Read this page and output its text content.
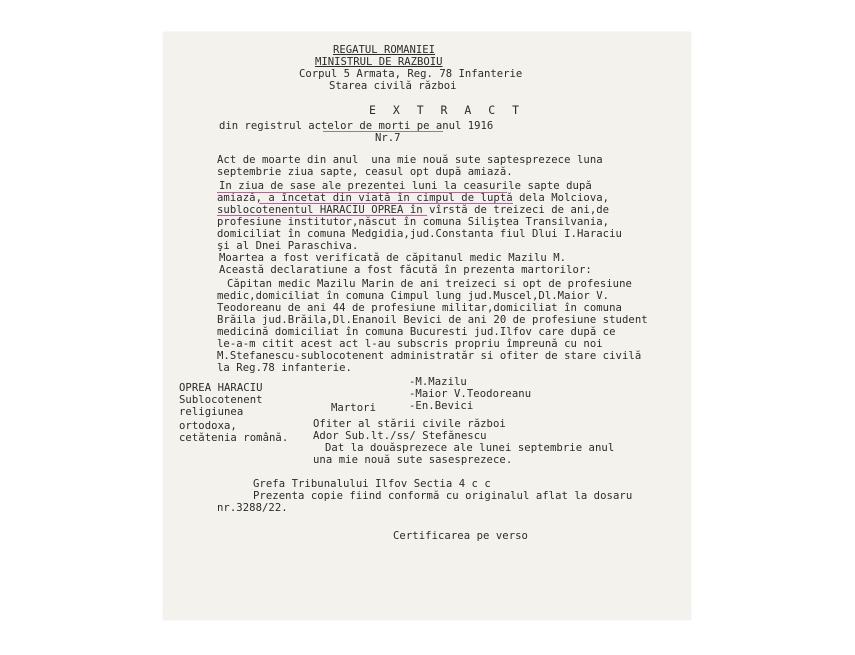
REGATUL ROMANIEI
MINISTRUL DE RAZBOIU
Corpul 5 Armata, Reg. 78 Infanterie
Starea civilă război
E X T R A C T
din registrul actelor de morti pe anul 1916
Nr.7
Act de moarte din anul  una mie nouă sute saptesprezece luna
septembrie ziua sapte, ceasul opt după amiază.
In ziua de sase ale prezentei luni la ceasurile sapte după
amiază, a încetat din viată în cimpul de luptă dela Molciova,
sublocotenentul HARACIU OPREA în vîrstă de treizeci de ani,de
profesiune institutor,născut în comuna Siliştea Transilvania,
domiciliat în comuna Medgidia,jud.Constanta fiul Dlui I.Haraciu
şi al Dnei Paraschiva.
Moartea a fost verificată de căpitanul medic Mazilu M.
Această declaratiune a fost făcută în prezenta martorilor:
Căpitan medic Mazilu Marin de ani treizeci si opt de profesiune
medic,domiciliat în comuna Cimpul lung jud.Muscel,Dl.Maior V.
Teodoreanu de ani 44 de profesiune militar,domiciliat în comuna
Brăila jud.Brăila,Dl.Enanoil Bevici de ani 20 de profesiune student
medicină domiciliat în comuna Bucuresti jud.Ilfov care după ce
le-a-m citit acest act l-au subscris propriu împreună cu noi
M.Stefanescu-sublocotenent administratăr si ofiter de stare civilă
la Reg.78 infanterie.
OPREA HARACIU
Sublocotenent
religiunea
ortodoxa,
cetătenia română.
-M.Mazilu
-Maior V.Teodoreanu
-En.Bevici
Martori
Ofiter al stării civile război
Ador Sub.lt./ss/ Stefănescu
Dat la douăsprezece ale lunei septembrie anul
una mie nouă sute sasesprezece.
Grefa Tribunalului Ilfov Sectia 4 c c
Prezenta copie fiind conformă cu originalul aflat la dosaru
nr.3288/22.
Certificarea pe verso
